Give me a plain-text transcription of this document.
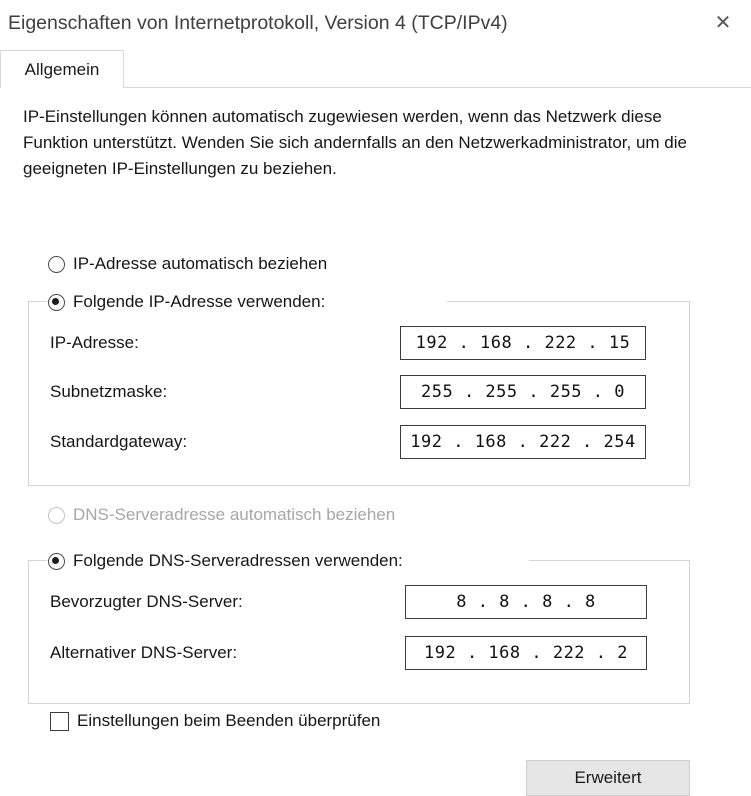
Eigenschaften von Internetprotokoll, Version 4 (TCP/IPv4)	✕
Allgemein
IP-Einstellungen können automatisch zugewiesen werden, wenn das Netzwerk diese Funktion unterstützt. Wenden Sie sich andernfalls an den Netzwerkadministrator, um die geeigneten IP-Einstellungen zu beziehen.
IP-Adresse automatisch beziehen
Folgende IP-Adresse verwenden:
IP-Adresse:	192 . 168 . 222 . 15
Subnetzmaske:	255 . 255 . 255 . 0
Standardgateway:	192 . 168 . 222 . 254
DNS-Serveradresse automatisch beziehen
Folgende DNS-Serveradressen verwenden:
Bevorzugter DNS-Server:	8 . 8 . 8 . 8
Alternativer DNS-Server:	192 . 168 . 222 . 2
Einstellungen beim Beenden überprüfen
Erweitert
